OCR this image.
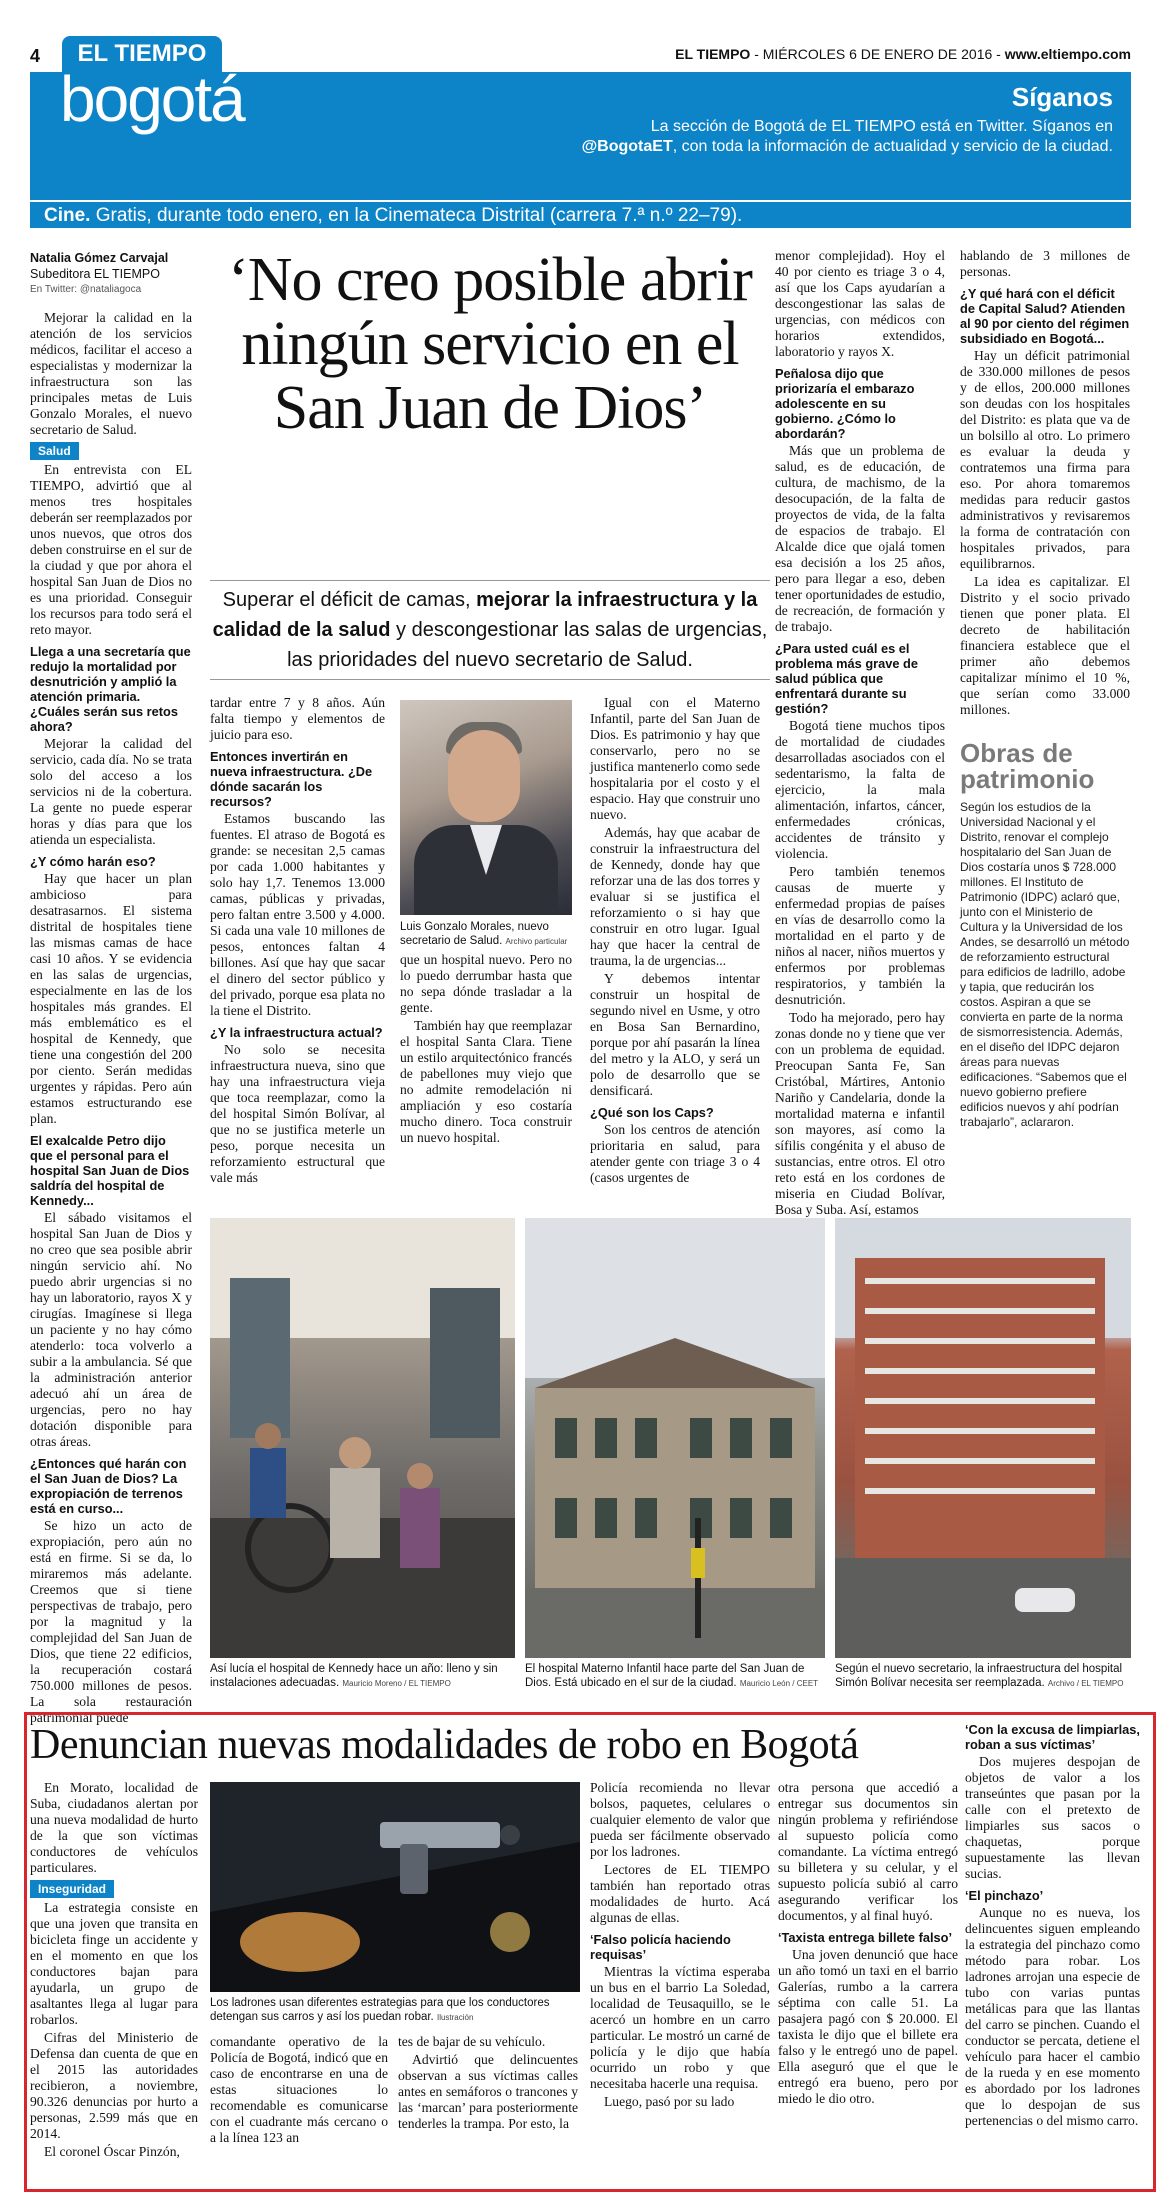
4	EL TIEMPO	EL TIEMPO - MIÉRCOLES 6 DE ENERO DE 2016 - www.eltiempo.com
bogotá	Síganos
La sección de Bogotá de EL TIEMPO está en Twitter. Síganos en @BogotaET, con toda la información de actualidad y servicio de la ciudad.
Cine. Gratis, durante todo enero, en la Cinemateca Distrital (carrera 7.ª n.º 22–79).
Natalia Gómez Carvajal
Subeditora EL TIEMPO
En Twitter: @nataliagoca

Mejorar la calidad en la atención de los servicios médicos, facilitar el acceso a especialistas y modernizar la infraestructura son las principales metas de Luis Gonzalo Morales, el nuevo secretario de Salud.

Salud

En entrevista con EL TIEMPO, advirtió que al menos tres hospitales deberán ser reemplazados por unos nuevos, que otros dos deben construirse en el sur de la ciudad y que por ahora el hospital San Juan de Dios no es una prioridad. Conseguir los recursos para todo será el reto mayor.

Llega a una secretaría que redujo la mortalidad por desnutrición y amplió la atención primaria. ¿Cuáles serán sus retos ahora?

Mejorar la calidad del servicio, cada día. No se trata solo del acceso a los servicios ni de la cobertura. La gente no puede esperar horas y días para que los atienda un especialista.

¿Y cómo harán eso?

Hay que hacer un plan ambicioso para desatrasarnos. El sistema distrital de hospitales tiene las mismas camas de hace casi 10 años. Y se evidencia en las salas de urgencias, especialmente en las de los hospitales más grandes. El más emblemático es el hospital de Kennedy, que tiene una congestión del 200 por ciento. Serán medidas urgentes y rápidas. Pero aún estamos estructurando ese plan.

El exalcalde Petro dijo que el personal para el hospital San Juan de Dios saldría del hospital de Kennedy...

El sábado visitamos el hospital San Juan de Dios y no creo que sea posible abrir ningún servicio ahí. No puedo abrir urgencias si no hay un laboratorio, rayos X y cirugías. Imagínese si llega un paciente y no hay cómo atenderlo: toca volverlo a subir a la ambulancia. Sé que la administración anterior adecuó ahí un área de urgencias, pero no hay dotación disponible para otras áreas.

¿Entonces qué harán con el San Juan de Dios? La expropiación de terrenos está en curso...

Se hizo un acto de expropiación, pero aún no está en firme. Si se da, lo miraremos más adelante. Creemos que si tiene perspectivas de trabajo, pero por la magnitud y la complejidad del San Juan de Dios, que tiene 22 edificios, la recuperación costará 750.000 millones de pesos. La sola restauración patrimonial puede

‘No creo posible abrir ningún servicio en el San Juan de Dios’
Superar el déficit de camas, mejorar la infraestructura y la calidad de la salud y descongestionar las salas de urgencias, las prioridades del nuevo secretario de Salud.

tardar entre 7 y 8 años. Aún falta tiempo y elementos de juicio para eso.

Entonces invertirán en nueva infraestructura. ¿De dónde sacarán los recursos?

Estamos buscando las fuentes. El atraso de Bogotá es grande: se necesitan 2,5 camas por cada 1.000 habitantes y solo hay 1,7. Tenemos 13.000 camas, públicas y privadas, pero faltan entre 3.500 y 4.000. Si cada una vale 10 millones de pesos, entonces faltan 4 billones. Así que hay que sacar el dinero del sector público y del privado, porque esa plata no la tiene el Distrito.

¿Y la infraestructura actual?

No solo se necesita infraestructura nueva, sino que hay una infraestructura vieja que toca reemplazar, como la del hospital Simón Bolívar, al que no se justifica meterle un peso, porque necesita un reforzamiento estructural que vale más

Luis Gonzalo Morales, nuevo secretario de Salud. Archivo particular

que un hospital nuevo. Pero no lo puedo derrumbar hasta que no sepa dónde trasladar a la gente.

También hay que reemplazar el hospital Santa Clara. Tiene un estilo arquitectónico francés de pabellones muy viejo que no admite remodelación ni ampliación y eso costaría mucho dinero. Toca construir un nuevo hospital.

Igual con el Materno Infantil, parte del San Juan de Dios. Es patrimonio y hay que conservarlo, pero no se justifica mantenerlo como sede hospitalaria por el costo y el espacio. Hay que construir uno nuevo.

Además, hay que acabar de construir la infraestructura del de Kennedy, donde hay que reforzar una de las dos torres y evaluar si se justifica el reforzamiento o si hay que construir en otro lugar. Igual hay que hacer la central de trauma, la de urgencias...

Y debemos intentar construir un hospital de segundo nivel en Usme, y otro en Bosa San Bernardino, porque por ahí pasarán la línea del metro y la ALO, y será un polo de desarrollo que se densificará.

¿Qué son los Caps?

Son los centros de atención prioritaria en salud, para atender gente con triage 3 o 4 (casos urgentes de

menor complejidad). Hoy el 40 por ciento es triage 3 o 4, así que los Caps ayudarían a descongestionar las salas de urgencias, con médicos con horarios extendidos, laboratorio y rayos X.

Peñalosa dijo que priorizaría el embarazo adolescente en su gobierno. ¿Cómo lo abordarán?

Más que un problema de salud, es de educación, de cultura, de machismo, de la desocupación, de la falta de proyectos de vida, de la falta de espacios de trabajo. El Alcalde dice que ojalá tomen esa decisión a los 25 años, pero para llegar a eso, deben tener oportunidades de estudio, de recreación, de formación y de trabajo.

¿Para usted cuál es el problema más grave de salud pública que enfrentará durante su gestión?

Bogotá tiene muchos tipos de mortalidad de ciudades desarrolladas asociados con el sedentarismo, la falta de ejercicio, la mala alimentación, infartos, cáncer, enfermedades crónicas, accidentes de tránsito y violencia.

Pero también tenemos causas de muerte y enfermedad propias de países en vías de desarrollo como la mortalidad en el parto y de niños al nacer, niños muertos y enfermos por problemas respiratorios, y también la desnutrición.

Todo ha mejorado, pero hay zonas donde no y tiene que ver con un problema de equidad. Preocupan Santa Fe, San Cristóbal, Mártires, Antonio Nariño y Candelaria, donde la mortalidad materna e infantil son mayores, así como la sífilis congénita y el abuso de sustancias, entre otros. El otro reto está en los cordones de miseria en Ciudad Bolívar, Bosa y Suba. Así, estamos

hablando de 3 millones de personas.

¿Y qué hará con el déficit de Capital Salud? Atienden al 90 por ciento del régimen subsidiado en Bogotá...

Hay un déficit patrimonial de 330.000 millones de pesos y de ellos, 200.000 millones son deudas con los hospitales del Distrito: es plata que va de un bolsillo al otro. Lo primero es evaluar la deuda y contratemos una firma para eso. Por ahora tomaremos medidas para reducir gastos administrativos y revisaremos la forma de contratación con hospitales privados, para equilibrarnos.

La idea es capitalizar. El Distrito y el socio privado tienen que poner plata. El decreto de habilitación financiera establece que el primer año debemos capitalizar mínimo el 10 %, que serían como 33.000 millones.

Obras de patrimonio
Según los estudios de la Universidad Nacional y el Distrito, renovar el complejo hospitalario del San Juan de Dios costaría unos $ 728.000 millones. El Instituto de Patrimonio (IDPC) aclaró que, junto con el Ministerio de Cultura y la Universidad de los Andes, se desarrolló un método de reforzamiento estructural para edificios de ladrillo, adobe y tapia, que reducirán los costos. Aspiran a que se convierta en parte de la norma de sismorresistencia. Además, en el diseño del IDPC dejaron áreas para nuevas edificaciones. “Sabemos que el nuevo gobierno prefiere edificios nuevos y ahí podrían trabajarlo”, aclararon.
Así lucía el hospital de Kennedy hace un año: lleno y sin instalaciones adecuadas. Mauricio Moreno / EL TIEMPO
El hospital Materno Infantil hace parte del San Juan de Dios. Está ubicado en el sur de la ciudad. Mauricio León / CEET
Según el nuevo secretario, la infraestructura del hospital Simón Bolívar necesita ser reemplazada. Archivo / EL TIEMPO
Denuncian nuevas modalidades de robo en Bogotá

En Morato, localidad de Suba, ciudadanos alertan por una nueva modalidad de hurto de la que son víctimas conductores de vehículos particulares.

Inseguridad

La estrategia consiste en que una joven que transita en bicicleta finge un accidente y en el momento en que los conductores bajan para ayudarla, un grupo de asaltantes llega al lugar para robarlos.

Cifras del Ministerio de Defensa dan cuenta de que en el 2015 las autoridades recibieron, a noviembre, 90.326 denuncias por hurto a personas, 2.599 más que en 2014.

El coronel Óscar Pinzón,

Los ladrones usan diferentes estrategias para que los conductores detengan sus carros y así los puedan robar. Ilustración

comandante operativo de la Policía de Bogotá, indicó que en caso de encontrarse en una de estas situaciones lo recomendable es comunicarse con el cuadrante más cercano o a la línea 123 an

tes de bajar de su vehículo.

Advirtió que delincuentes observan a sus víctimas calles antes en semáforos o trancones y las ‘marcan’ para posteriormente tenderles la trampa. Por esto, la

Policía recomienda no llevar bolsos, paquetes, celulares o cualquier elemento de valor que pueda ser fácilmente observado por los ladrones.

Lectores de EL TIEMPO también han reportado otras modalidades de hurto. Acá algunas de ellas.

‘Falso policía haciendo requisas’

Mientras la víctima esperaba un bus en el barrio La Soledad, localidad de Teusaquillo, se le acercó un hombre en un carro particular. Le mostró un carné de policía y le dijo que había ocurrido un robo y que necesitaba hacerle una requisa.

Luego, pasó por su lado

otra persona que accedió a entregar sus documentos sin ningún problema y refiriéndose al supuesto policía como comandante. La víctima entregó su billetera y su celular, y el supuesto policía subió al carro asegurando verificar los documentos, y al final huyó.

‘Taxista entrega billete falso’

Una joven denunció que hace un año tomó un taxi en el barrio Galerías, rumbo a la carrera séptima con calle 51. La pasajera pagó con $ 20.000. El taxista le dijo que el billete era falso y le entregó uno de papel. Ella aseguró que el que le entregó era bueno, pero por miedo le dio otro.

‘Con la excusa de limpiarlas, roban a sus víctimas’

Dos mujeres despojan de objetos de valor a los transeúntes que pasan por la calle con el pretexto de limpiarles sus sacos o chaquetas, porque supuestamente las llevan sucias.

‘El pinchazo’

Aunque no es nueva, los delincuentes siguen empleando la estrategia del pinchazo como método para robar. Los ladrones arrojan una especie de tubo con varias puntas metálicas para que las llantas del carro se pinchen. Cuando el conductor se percata, detiene el vehículo para hacer el cambio de la rueda y en ese momento es abordado por los ladrones que lo despojan de sus pertenencias o del mismo carro.
